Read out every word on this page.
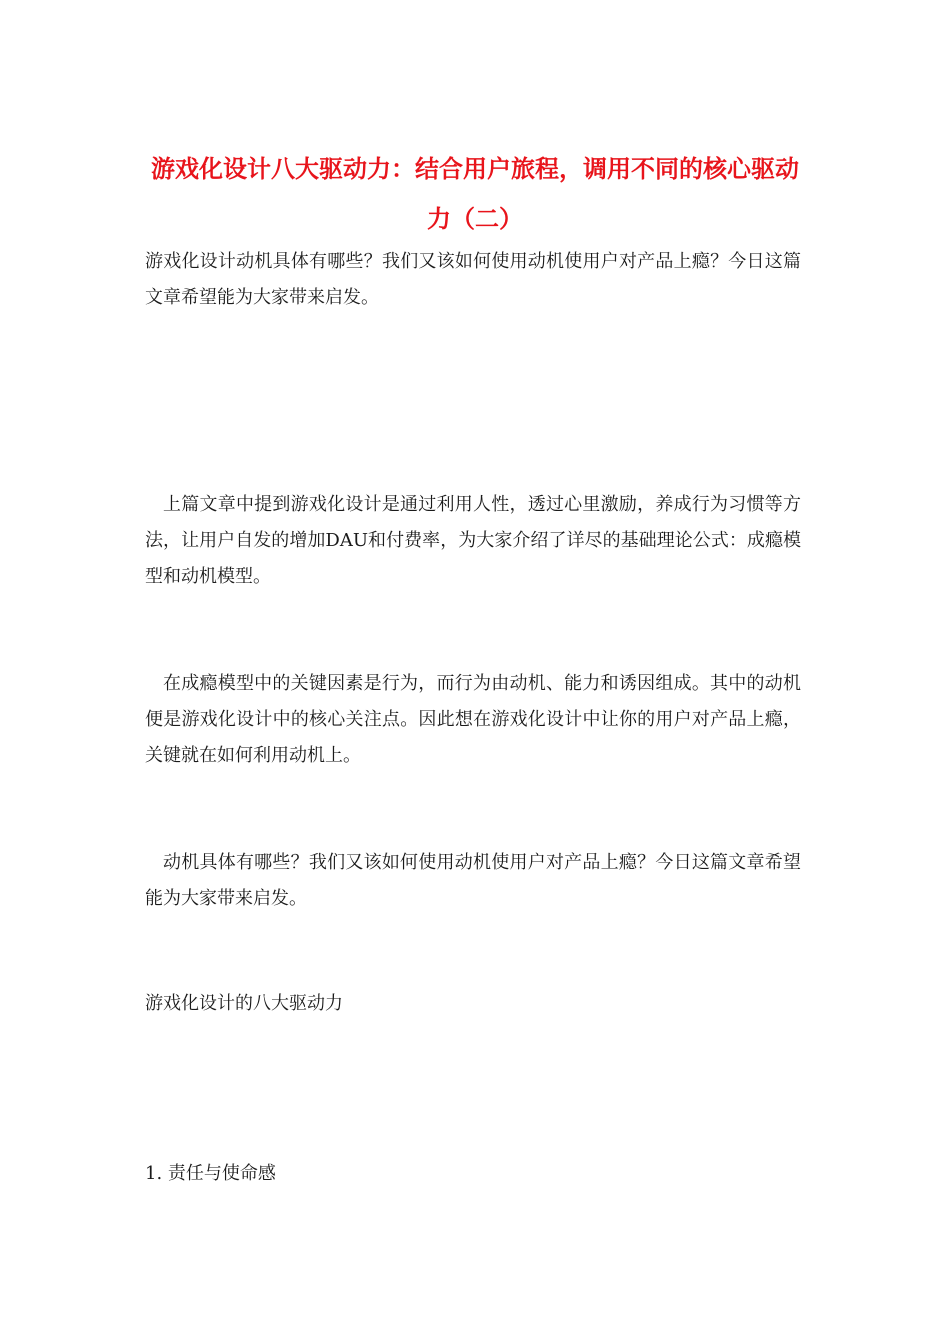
游戏化设计八大驱动力：结合用户旅程，调用不同的核心驱动力（二）

游戏化设计动机具体有哪些？我们又该如何使用动机使用户对产品上瘾？今日这篇文章希望能为大家带来启发。

上篇文章中提到游戏化设计是通过利用人性，透过心里激励，养成行为习惯等方法，让用户自发的增加DAU和付费率，为大家介绍了详尽的基础理论公式：成瘾模型和动机模型。

在成瘾模型中的关键因素是行为，而行为由动机、能力和诱因组成。其中的动机便是游戏化设计中的核心关注点。因此想在游戏化设计中让你的用户对产品上瘾，关键就在如何利用动机上。

动机具体有哪些？我们又该如何使用动机使用户对产品上瘾？今日这篇文章希望能为大家带来启发。

游戏化设计的八大驱动力

1. 责任与使命感
